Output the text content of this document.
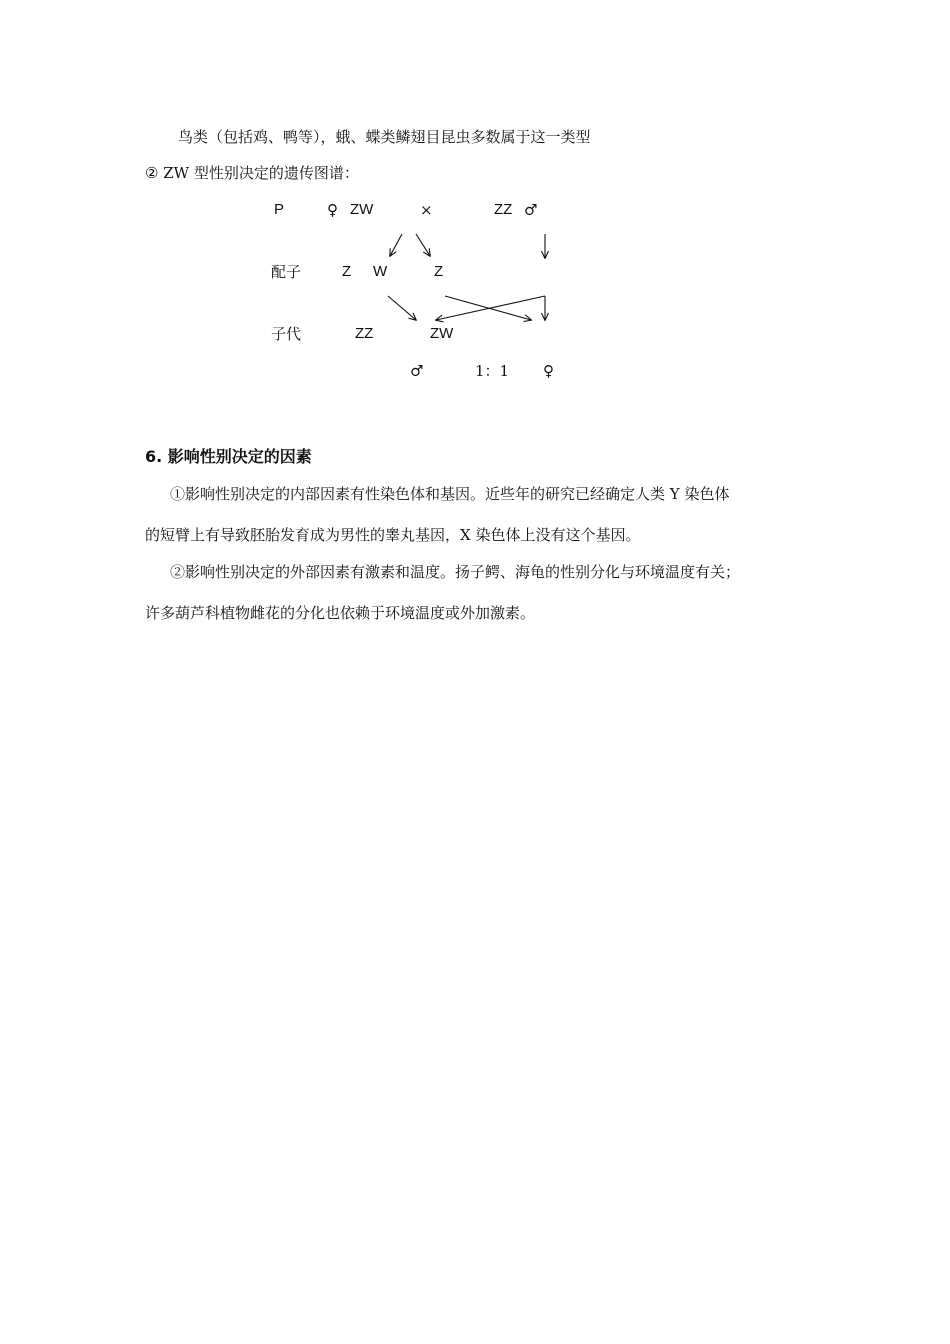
鸟类（包括鸡、鸭等），蛾、蝶类鳞翅目昆虫多数属于这一类型
② ZW 型性别决定的遗传图谱：
P	♀ ZW	×	ZZ ♂
配子	Z W	Z
子代	ZZ	ZW
♂	1：1 ♀
6. 影响性别决定的因素
①影响性别决定的内部因素有性染色体和基因。近些年的研究已经确定人类 Y 染色体
的短臂上有导致胚胎发育成为男性的睾丸基因，X 染色体上没有这个基因。
②影响性别决定的外部因素有激素和温度。扬子鳄、海龟的性别分化与环境温度有关；
许多葫芦科植物雌花的分化也依赖于环境温度或外加激素。
